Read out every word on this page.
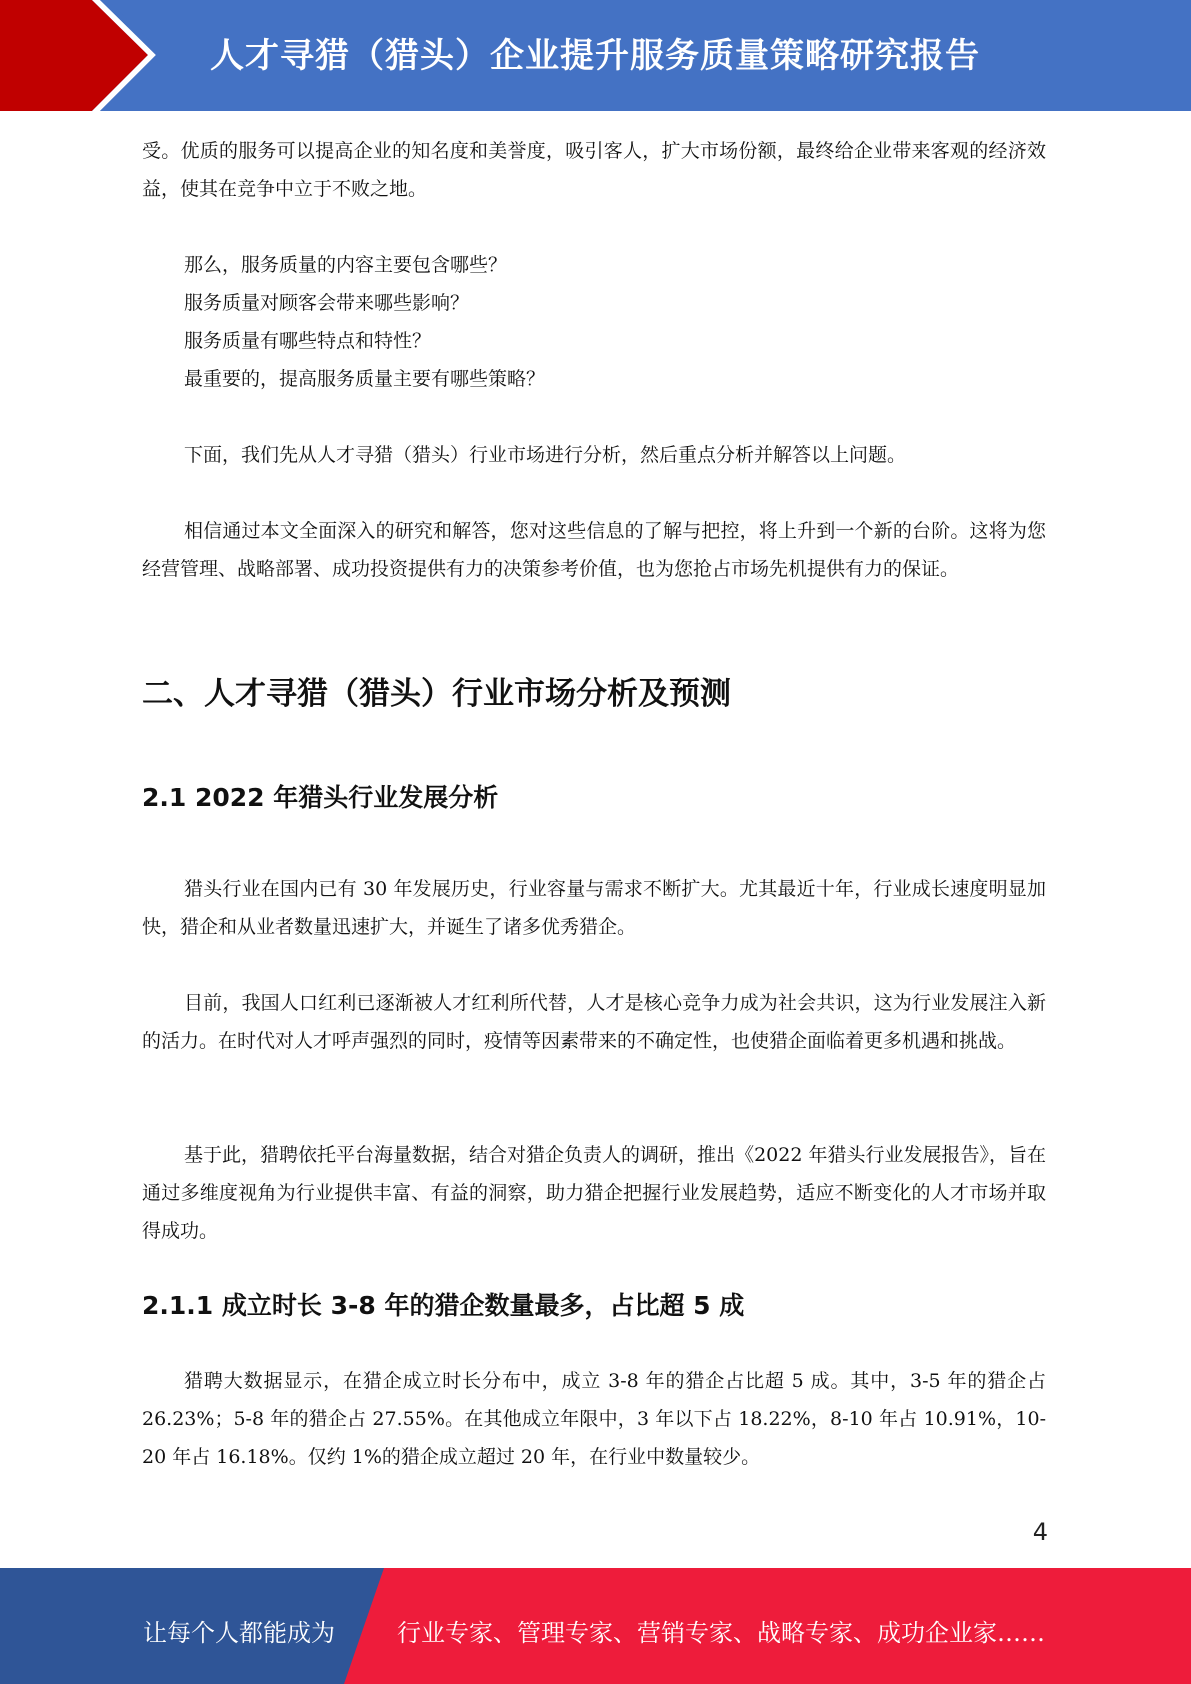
人才寻猎（猎头）企业提升服务质量策略研究报告

受。优质的服务可以提高企业的知名度和美誉度，吸引客人，扩大市场份额，最终给企业带来客观的经济效益，使其在竞争中立于不败之地。

那么，服务质量的内容主要包含哪些？

服务质量对顾客会带来哪些影响？

服务质量有哪些特点和特性？

最重要的，提高服务质量主要有哪些策略？

下面，我们先从人才寻猎（猎头）行业市场进行分析，然后重点分析并解答以上问题。

相信通过本文全面深入的研究和解答，您对这些信息的了解与把控，将上升到一个新的台阶。这将为您经营管理、战略部署、成功投资提供有力的决策参考价值，也为您抢占市场先机提供有力的保证。

二、人才寻猎（猎头）行业市场分析及预测
2.1 2022 年猎头行业发展分析

猎头行业在国内已有 30 年发展历史，行业容量与需求不断扩大。尤其最近十年，行业成长速度明显加快，猎企和从业者数量迅速扩大，并诞生了诸多优秀猎企。

目前，我国人口红利已逐渐被人才红利所代替，人才是核心竞争力成为社会共识，这为行业发展注入新的活力。在时代对人才呼声强烈的同时，疫情等因素带来的不确定性，也使猎企面临着更多机遇和挑战。

基于此，猎聘依托平台海量数据，结合对猎企负责人的调研，推出《2022 年猎头行业发展报告》，旨在通过多维度视角为行业提供丰富、有益的洞察，助力猎企把握行业发展趋势，适应不断变化的人才市场并取得成功。

2.1.1 成立时长 3-8 年的猎企数量最多，占比超 5 成

猎聘大数据显示，在猎企成立时长分布中，成立 3-8 年的猎企占比超 5 成。其中，3-5 年的猎企占 26.23%；5-8 年的猎企占 27.55%。在其他成立年限中，3 年以下占 18.22%，8-10 年占 10.91%，10-20 年占 16.18%。仅约 1%的猎企成立超过 20 年，在行业中数量较少。

4
让每个人都能成为	行业专家、管理专家、营销专家、战略专家、成功企业家……
